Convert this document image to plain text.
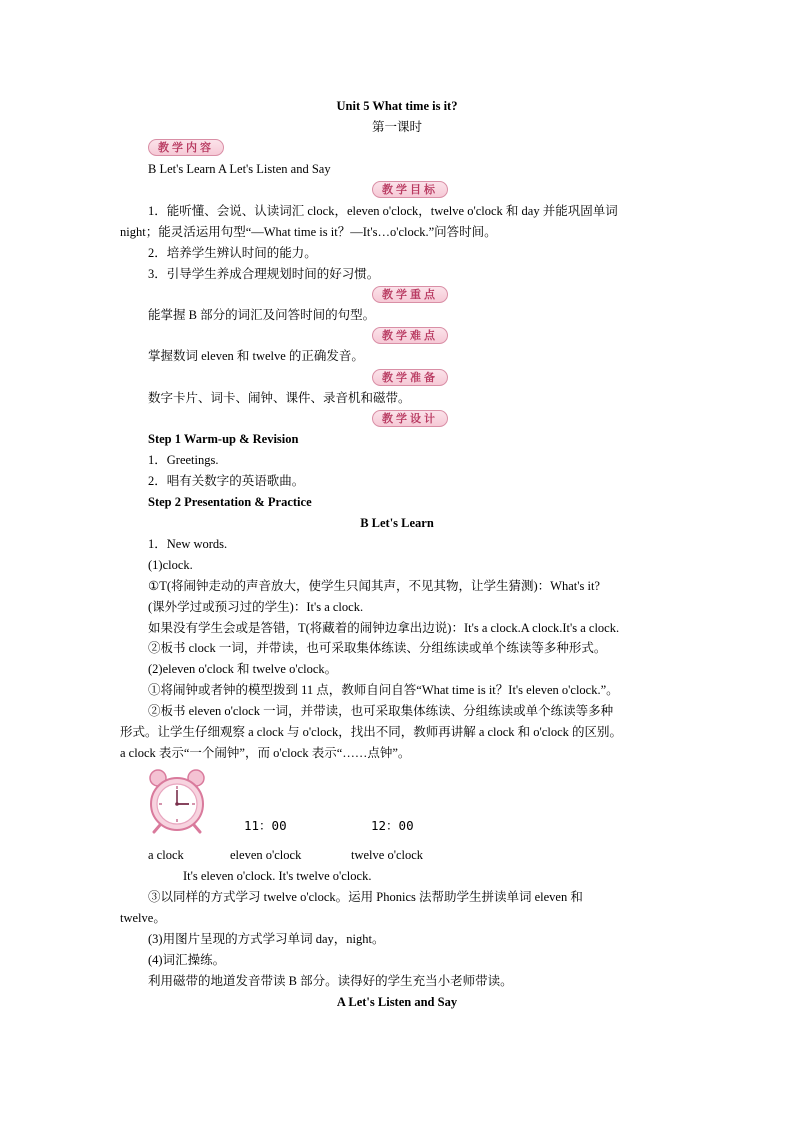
Unit 5 What time is it?
第一课时
教学内容
B Let's Learn A Let's Listen and Say
教学目标
1．能听懂、会说、认读词汇 clock，eleven o'clock，twelve o'clock 和 day 并能巩固单词
night；能灵活运用句型“—What time is it？—It's…o'clock.”问答时间。
2．培养学生辨认时间的能力。
3．引导学生养成合理规划时间的好习惯。
教学重点
能掌握 B 部分的词汇及问答时间的句型。
教学难点
掌握数词 eleven 和 twelve 的正确发音。
教学准备
数字卡片、词卡、闹钟、课件、录音机和磁带。
教学设计
Step 1 Warm-up & Revision
1．Greetings.
2．唱有关数字的英语歌曲。
Step 2 Presentation & Practice
B Let's Learn
1．New words.
(1)clock.
①T(将闹钟走动的声音放大，使学生只闻其声，不见其物，让学生猜测)：What's it?
(课外学过或预习过的学生)：It's a clock.
如果没有学生会或是答错，T(将藏着的闹钟边拿出边说)：It's a clock.A clock.It's a clock.
②板书 clock 一词，并带读，也可采取集体练读、分组练读或单个练读等多种形式。
(2)eleven o'clock 和 twelve o'clock。
①将闹钟或者钟的模型拨到 11 点，教师自问自答“What time is it？It's eleven o'clock.”。
②板书 eleven o'clock 一词，并带读，也可采取集体练读、分组练读或单个练读等多种
形式。让学生仔细观察 a clock 与 o'clock，找出不同，教师再讲解 a clock 和 o'clock 的区别。
a clock 表示“一个闹钟”，而 o'clock 表示“……点钟”。
11：00	12：00
a clock	eleven o'clock	twelve o'clock
It's eleven o'clock. It's twelve o'clock.
③以同样的方式学习 twelve o'clock。运用 Phonics 法帮助学生拼读单词 eleven 和
twelve。
(3)用图片呈现的方式学习单词 day，night。
(4)词汇操练。
利用磁带的地道发音带读 B 部分。读得好的学生充当小老师带读。
A Let's Listen and Say
